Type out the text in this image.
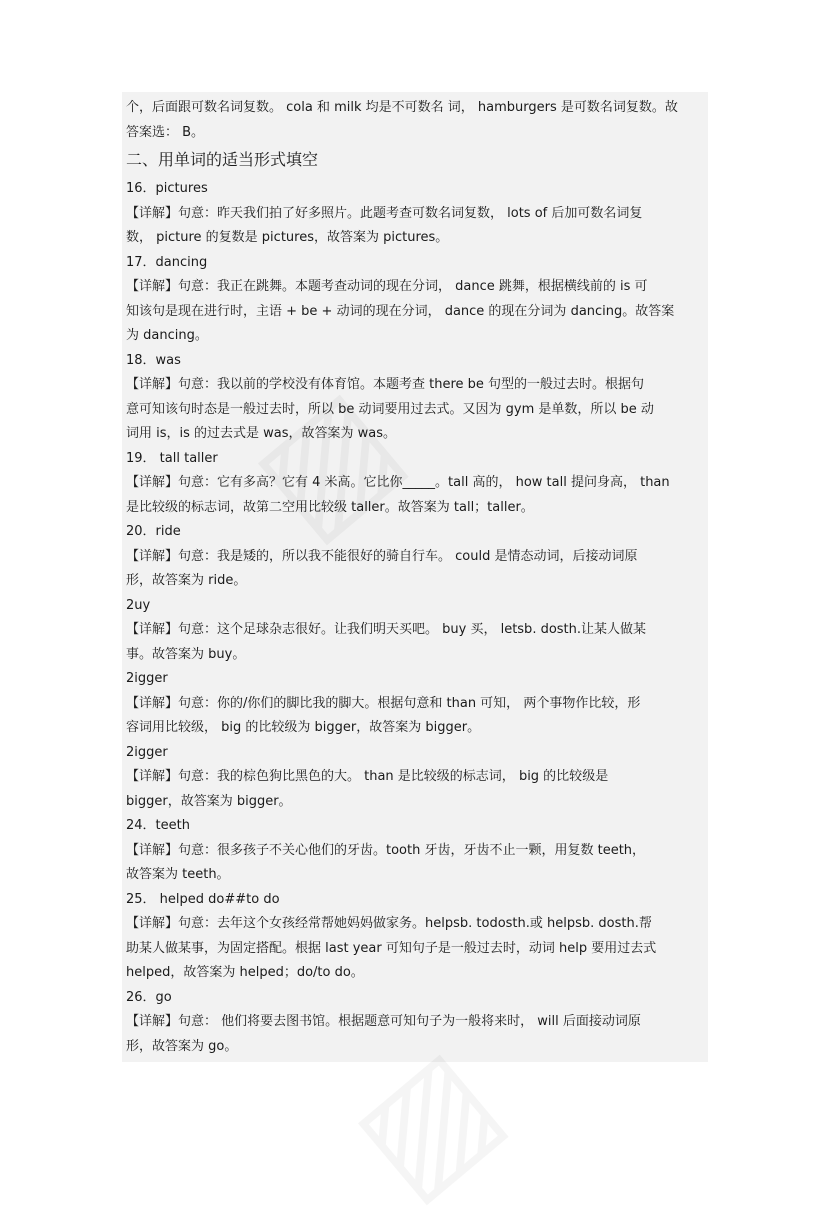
个，后面跟可数名词复数。 cola 和 milk 均是不可数名 词， hamburgers 是可数名词复数。故

答案选： B。

二、用单词的适当形式填空

16．pictures

【详解】句意：昨天我们拍了好多照片。此题考查可数名词复数， lots of 后加可数名词复

数， picture 的复数是 pictures，故答案为 pictures。

17．dancing

【详解】句意：我正在跳舞。本题考查动词的现在分词， dance 跳舞，根据横线前的 is 可

知该句是现在进行时，主语 + be + 动词的现在分词， dance 的现在分词为 dancing。故答案

为 dancing。

18．was

【详解】句意：我以前的学校没有体育馆。本题考查 there be 句型的一般过去时。根据句

意可知该句时态是一般过去时，所以 be 动词要用过去式。又因为 gym 是单数，所以 be 动

词用 is，is 的过去式是 was，故答案为 was。

19． tall taller

【详解】句意：它有多高？它有 4 米高。它比你_____。tall 高的， how tall 提问身高， than

是比较级的标志词，故第二空用比较级 taller。故答案为 tall；taller。

20．ride

【详解】句意：我是矮的，所以我不能很好的骑自行车。 could 是情态动词，后接动词原

形，故答案为 ride。

2uy

【详解】句意：这个足球杂志很好。让我们明天买吧。 buy 买， letsb. dosth.让某人做某

事。故答案为 buy。

2igger

【详解】句意：你的/你们的脚比我的脚大。根据句意和 than 可知， 两个事物作比较，形

容词用比较级， big 的比较级为 bigger，故答案为 bigger。

2igger

【详解】句意：我的棕色狗比黑色的大。 than 是比较级的标志词， big 的比较级是

bigger，故答案为 bigger。

24．teeth

【详解】句意：很多孩子不关心他们的牙齿。tooth 牙齿，牙齿不止一颗，用复数 teeth，

故答案为 teeth。

25． helped do##to do

【详解】句意：去年这个女孩经常帮她妈妈做家务。helpsb. todosth.或 helpsb. dosth.帮

助某人做某事，为固定搭配。根据 last year 可知句子是一般过去时，动词 help 要用过去式

helped，故答案为 helped；do/to do。

26．go

【详解】句意： 他们将要去图书馆。根据题意可知句子为一般将来时， will 后面接动词原

形，故答案为 go。
